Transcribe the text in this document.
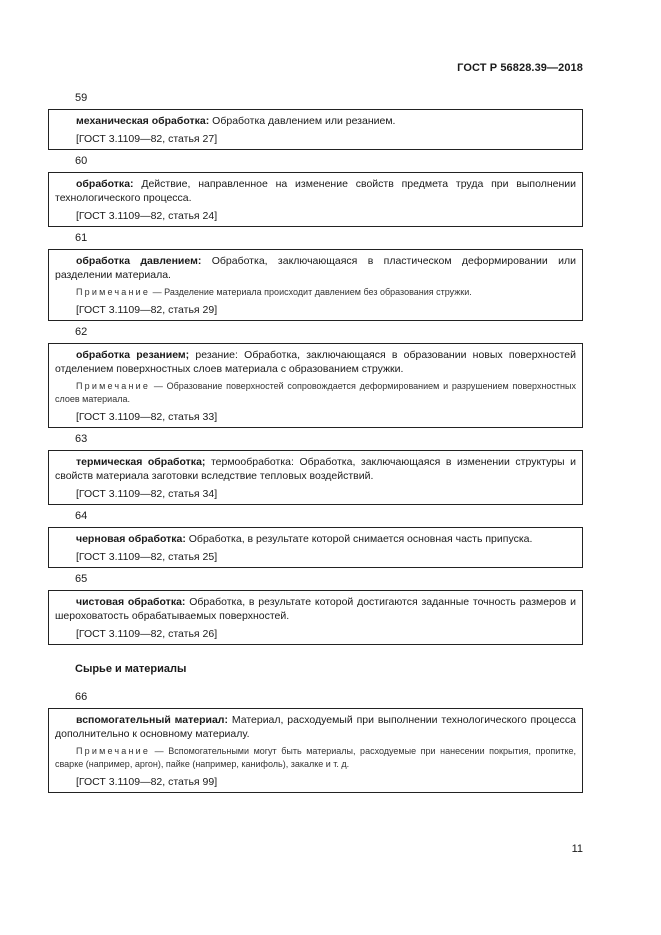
ГОСТ Р 56828.39—2018
59

механическая обработка: Обработка давлением или резанием.

[ГОСТ 3.1109—82, статья 27]

60

обработка: Действие, направленное на изменение свойств предмета труда при выполнении технологического процесса.

[ГОСТ 3.1109—82, статья 24]

61

обработка давлением: Обработка, заключающаяся в пластическом деформировании или разделении материала.

Примечание — Разделение материала происходит давлением без образования стружки.

[ГОСТ 3.1109—82, статья 29]

62

обработка резанием; резание: Обработка, заключающаяся в образовании новых поверхностей отделением поверхностных слоев материала с образованием стружки.

Примечание — Образование поверхностей сопровождается деформированием и разрушением поверхностных слоев материала.

[ГОСТ 3.1109—82, статья 33]

63

термическая обработка; термообработка: Обработка, заключающаяся в изменении структуры и свойств материала заготовки вследствие тепловых воздействий.

[ГОСТ 3.1109—82, статья 34]

64

черновая обработка: Обработка, в результате которой снимается основная часть припуска.

[ГОСТ 3.1109—82, статья 25]

65

чистовая обработка: Обработка, в результате которой достигаются заданные точность размеров и шероховатость обрабатываемых поверхностей.

[ГОСТ 3.1109—82, статья 26]

Сырье и материалы
66

вспомогательный материал: Материал, расходуемый при выполнении технологического процесса дополнительно к основному материалу.

Примечание — Вспомогательными могут быть материалы, расходуемые при нанесении покрытия, пропитке, сварке (например, аргон), пайке (например, канифоль), закалке и т. д.

[ГОСТ 3.1109—82, статья 99]

11
